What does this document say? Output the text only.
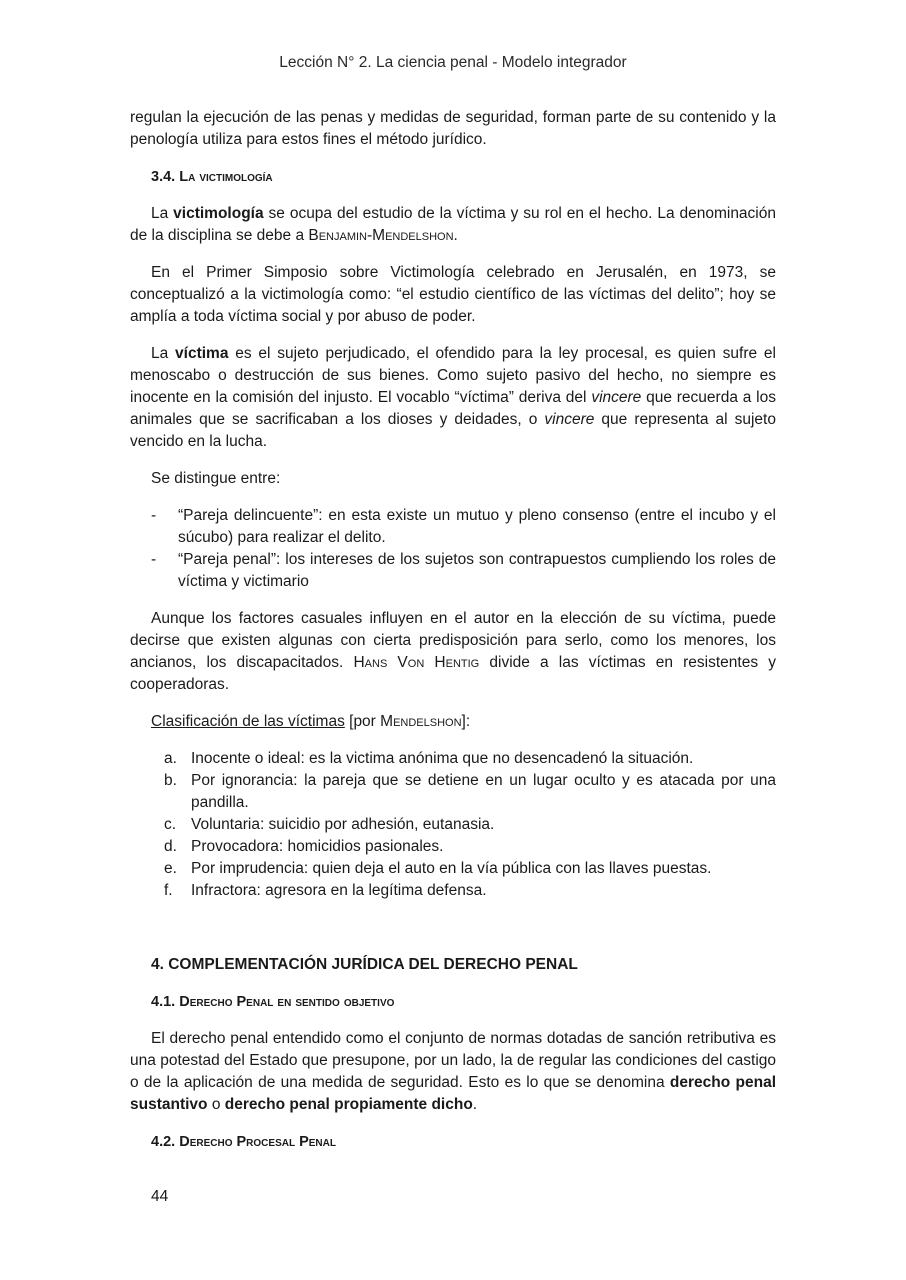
Lección N° 2. La ciencia penal - Modelo integrador

regulan la ejecución de las penas y medidas de seguridad, forman parte de su contenido y la penología utiliza para estos fines el método jurídico.

3.4. La victimología

La victimología se ocupa del estudio de la víctima y su rol en el hecho. La denominación de la disciplina se debe a Benjamin-Mendelshon.

En el Primer Simposio sobre Victimología celebrado en Jerusalén, en 1973, se conceptualizó a la victimología como: “el estudio científico de las víctimas del delito”; hoy se amplía a toda víctima social y por abuso de poder.

La víctima es el sujeto perjudicado, el ofendido para la ley procesal, es quien sufre el menoscabo o destrucción de sus bienes. Como sujeto pasivo del hecho, no siempre es inocente en la comisión del injusto. El vocablo “víctima” deriva del vincere que recuerda a los animales que se sacrificaban a los dioses y deidades, o vincere que representa al sujeto vencido en la lucha.

Se distingue entre:

- “Pareja delincuente”: en esta existe un mutuo y pleno consenso (entre el incubo y el súcubo) para realizar el delito.
- “Pareja penal”: los intereses de los sujetos son contrapuestos cumpliendo los roles de víctima y victimario

Aunque los factores casuales influyen en el autor en la elección de su víctima, puede decirse que existen algunas con cierta predisposición para serlo, como los menores, los ancianos, los discapacitados. Hans Von Hentig divide a las víctimas en resistentes y cooperadoras.

Clasificación de las víctimas [por Mendelshon]:

a. Inocente o ideal: es la victima anónima que no desencadenó la situación.
b. Por ignorancia: la pareja que se detiene en un lugar oculto y es atacada por una pandilla.
c. Voluntaria: suicidio por adhesión, eutanasia.
d. Provocadora: homicidios pasionales.
e. Por imprudencia: quien deja el auto en la vía pública con las llaves puestas.
f. Infractora: agresora en la legítima defensa.
4. COMPLEMENTACIÓN JURÍDICA DEL DERECHO PENAL
4.1. Derecho Penal en sentido objetivo

El derecho penal entendido como el conjunto de normas dotadas de sanción retributiva es una potestad del Estado que presupone, por un lado, la de regular las condiciones del castigo o de la aplicación de una medida de seguridad. Esto es lo que se denomina derecho penal sustantivo o derecho penal propiamente dicho.

4.2. Derecho Procesal Penal
44
